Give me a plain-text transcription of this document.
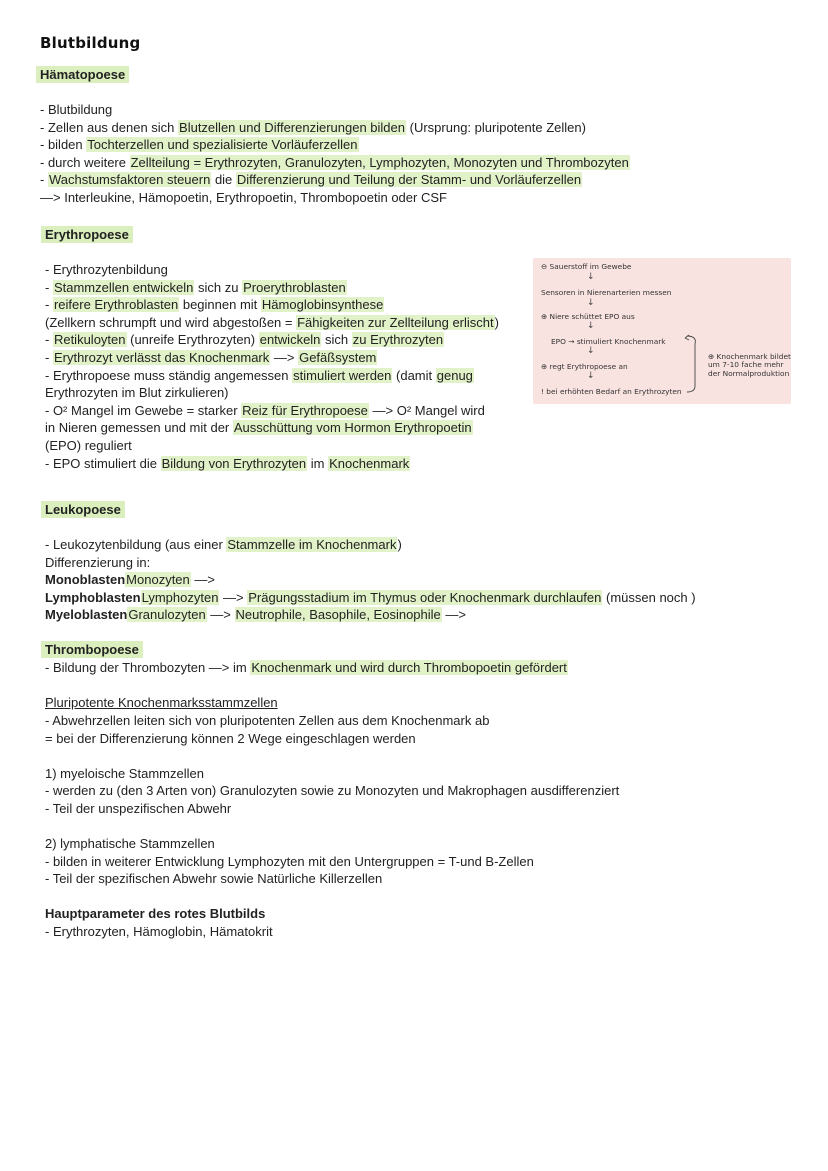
Blutbildung
Hämatopoese
- Blutbildung
- Zellen aus denen sich Blutzellen und Differenzierungen bilden (Ursprung: pluripotente Zellen)
- bilden Tochterzellen und spezialisierte Vorläuferzellen
- durch weitere Zellteilung = Erythrozyten, Granulozyten, Lymphozyten, Monozyten und Thrombozyten
- Wachstumsfaktoren steuern die Differenzierung und Teilung der Stamm- und Vorläuferzellen
—> Interleukine, Hämopoetin, Erythropoetin, Thrombopoetin oder CSF
Erythropoese
- Erythrozytenbildung
- Stammzellen entwickeln sich zu Proerythroblasten
- reifere Erythroblasten beginnen mit Hämoglobinsynthese
(Zellkern schrumpft und wird abgestoßen = Fähigkeiten zur Zellteilung erlischt)
- Retikuloyten (unreife Erythrozyten) entwickeln sich zu Erythrozyten
- Erythrozyt verlässt das Knochenmark —> Gefäßsystem
- Erythropoese muss ständig angemessen stimuliert werden (damit genug
Erythrozyten im Blut zirkulieren)
- O² Mangel im Gewebe = starker Reiz für Erythropoese —> O² Mangel wird
in Nieren gemessen und mit der Ausschüttung vom Hormon Erythropoetin
(EPO) reguliert
- EPO stimuliert die Bildung von Erythrozyten im Knochenmark
⊖ Sauerstoff im Gewebe
↓
Sensoren in Nierenarterien messen
↓
⊕ Niere schüttet EPO aus
↓
EPO → stimuliert Knochenmark
↓
⊕ regt Erythropoese an
↓
! bei erhöhten Bedarf an Erythrozyten
⊕ Knochenmark bildet
um 7-10 fache mehr
der Normalproduktion
Leukopoese
- Leukozytenbildung (aus einer Stammzelle im Knochenmark)
Differenzierung in:
MonoblastenMonozyten —>
LymphoblastenLymphozyten —> Prägungsstadium im Thymus oder Knochenmark durchlaufen (müssen noch )
MyeloblastenGranulozyten —> Neutrophile, Basophile, Eosinophile —>
Thrombopoese
- Bildung der Thrombozyten —> im Knochenmark und wird durch Thrombopoetin gefördert
Pluripotente Knochenmarksstammzellen
- Abwehrzellen leiten sich von pluripotenten Zellen aus dem Knochenmark ab
= bei der Differenzierung können 2 Wege eingeschlagen werden
1) myeloische Stammzellen
- werden zu (den 3 Arten von) Granulozyten sowie zu Monozyten und Makrophagen ausdifferenziert
- Teil der unspezifischen Abwehr
2) lymphatische Stammzellen
- bilden in weiterer Entwicklung Lymphozyten mit den Untergruppen = T-und B-Zellen
- Teil der spezifischen Abwehr sowie Natürliche Killerzellen
Hauptparameter des rotes Blutbilds
- Erythrozyten, Hämoglobin, Hämatokrit
